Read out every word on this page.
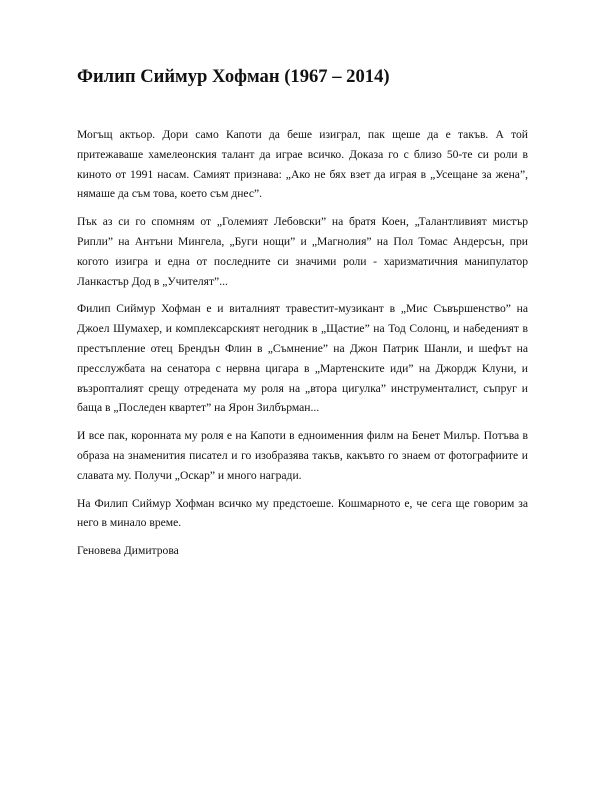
Филип Сиймур Хофман (1967 – 2014)

Могъщ актьор. Дори само Капоти да беше изиграл, пак щеше да е такъв. А той притежаваше хамелеонския талант да играе всичко. Доказа го с близо 50-те си роли в киното от 1991 насам. Самият признава: „Ако не бях взет да играя в „Усещане за жена”, нямаше да съм това, което съм днес”.

Пък аз си го спомням от „Големият Лебовски” на братя Коен, „Талантливият мистър Рипли” на Антъни Мингела, „Буги нощи” и „Магнолия” на Пол Томас Андерсън, при когото изигра и една от последните си значими роли - харизматичния манипулатор Ланкастър Дод в „Учителят”...

Филип Сиймур Хофман е и виталният травестит-музикант в „Мис Съвършенство” на Джоел Шумахер, и комплексарският негодник в „Щастие” на Тод Солонц, и набеденият в престъпление отец Брендън Флин в „Съмнение” на Джон Патрик Шанли, и шефът на пресслужбата на сенатора с нервна цигара в „Мартенските иди” на Джордж Клуни, и възропталият срещу отредената му роля на „втора цигулка” инструменталист, съпруг и баща в „Последен квартет” на Ярон Зилбърман...

И все пак, коронната му роля е на Капоти в едноименния филм на Бенет Милър. Потъва в образа на знаменития писател и го изобразява такъв, какъвто го знаем от фотографиите и славата му. Получи „Оскар” и много награди.

На Филип Сиймур Хофман всичко му предстоеше. Кошмарното е, че сега ще говорим за него в минало време.

Геновева Димитрова
